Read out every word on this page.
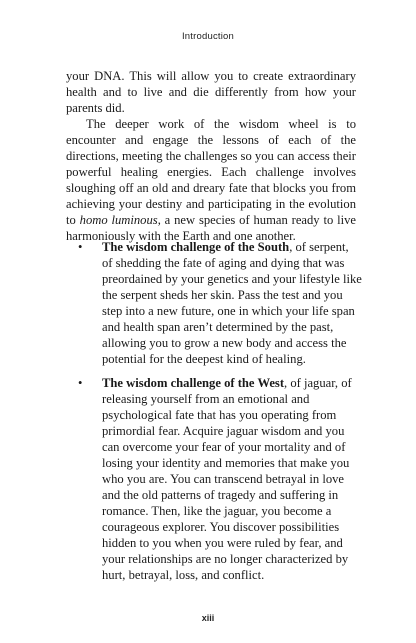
Introduction

your DNA. This will allow you to create extraordinary health and to live and die differently from how your parents did.

The deeper work of the wisdom wheel is to encounter and engage the lessons of each of the directions, meeting the challenges so you can access their powerful healing energies. Each challenge involves sloughing off an old and dreary fate that blocks you from achieving your destiny and participating in the evolution to homo luminous, a new species of human ready to live harmoniously with the Earth and one another.

• The wisdom challenge of the South, of serpent, of shedding the fate of aging and dying that was preordained by your genetics and your lifestyle like the serpent sheds her skin. Pass the test and you step into a new future, one in which your life span and health span aren’t determined by the past, allowing you to grow a new body and access the potential for the deepest kind of healing.
• The wisdom challenge of the West, of jaguar, of releasing yourself from an emotional and psychological fate that has you operating from primordial fear. Acquire jaguar wisdom and you can overcome your fear of your mortality and of losing your identity and memories that make you who you are. You can transcend betrayal in love and the old patterns of tragedy and suffering in romance. Then, like the jaguar, you become a courageous explorer. You discover possibilities hidden to you when you were ruled by fear, and your relationships are no longer characterized by hurt, betrayal, loss, and conflict.
xiii
